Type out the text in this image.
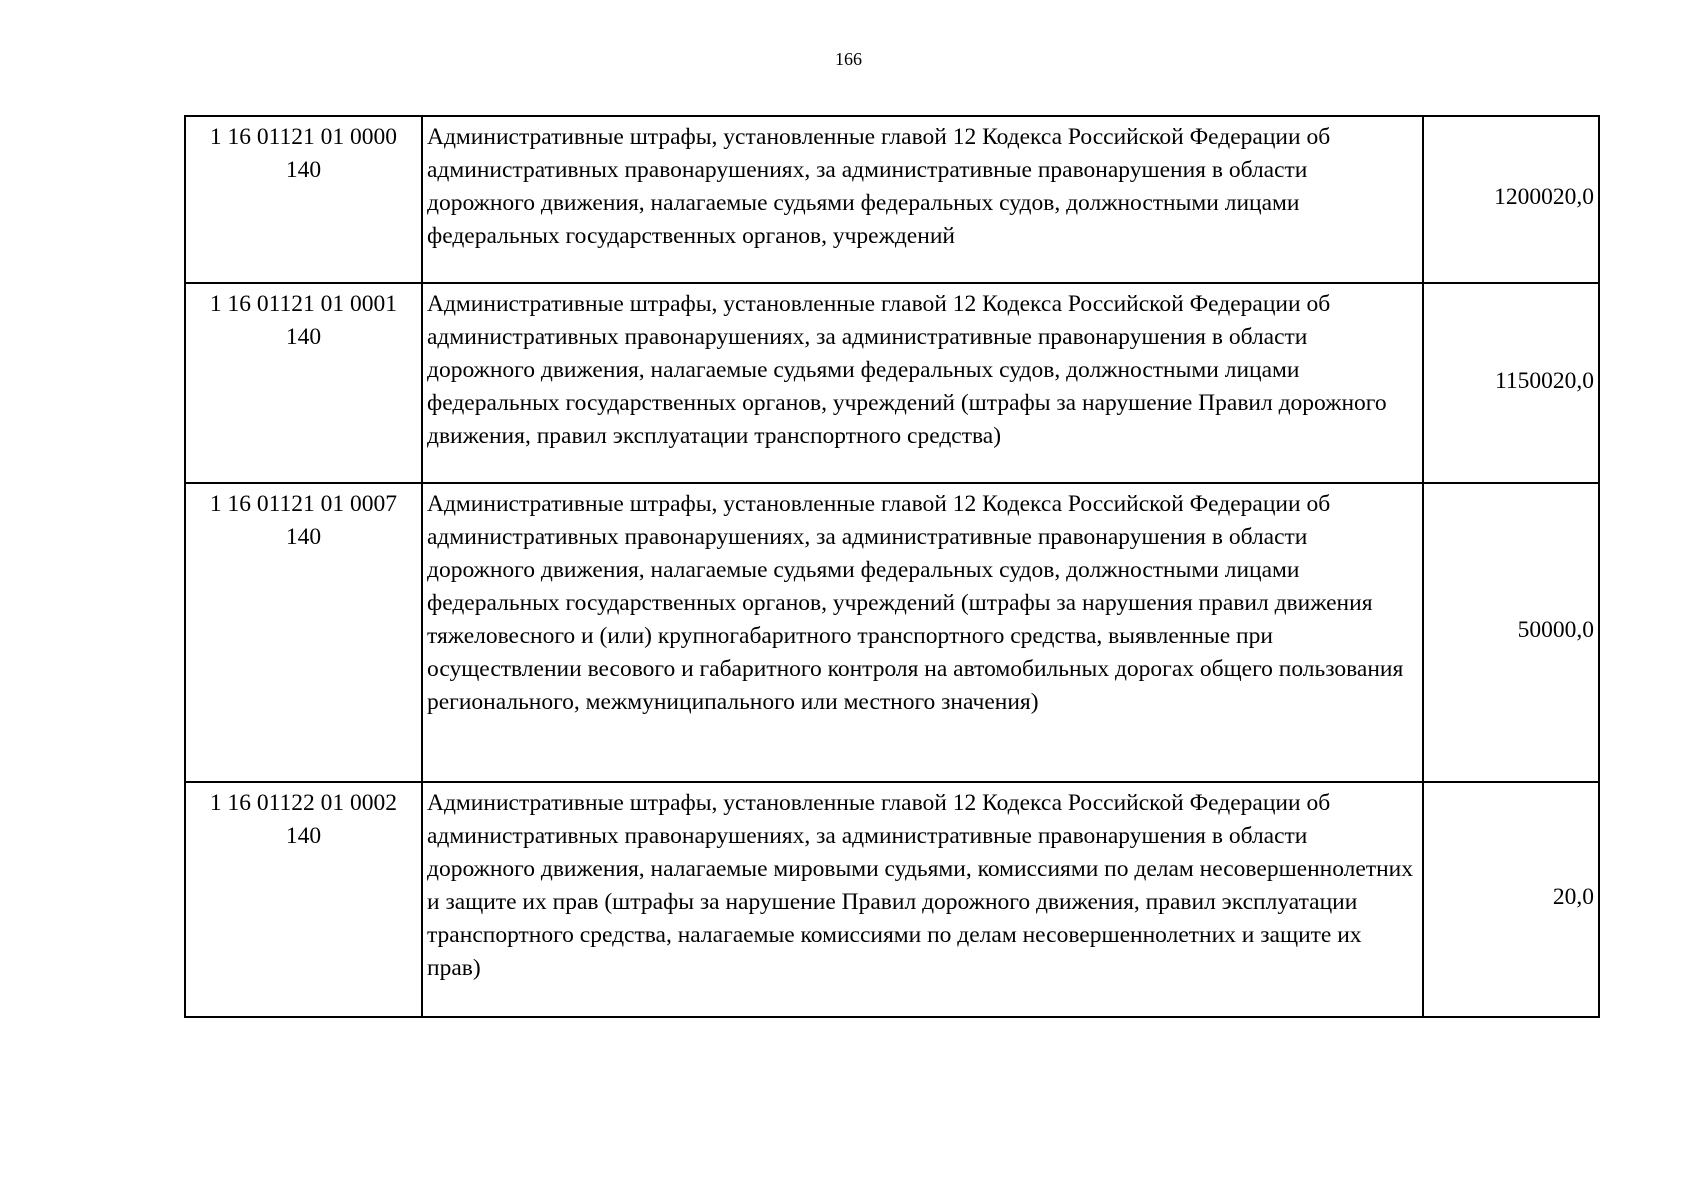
166
1 16 01121 01 0000
140	Административные штрафы, установленные главой 12 Кодекса Российской Федерации об административных правонарушениях, за административные правонарушения в области дорожного движения, налагаемые судьями федеральных судов, должностными лицами федеральных государственных органов, учреждений	1200020,0

1 16 01121 01 0001
140	Административные штрафы, установленные главой 12 Кодекса Российской Федерации об административных правонарушениях, за административные правонарушения в области дорожного движения, налагаемые судьями федеральных судов, должностными лицами федеральных государственных органов, учреждений (штрафы за нарушение Правил дорожного движения, правил эксплуатации транспортного средства)	1150020,0

1 16 01121 01 0007
140	Административные штрафы, установленные главой 12 Кодекса Российской Федерации об административных правонарушениях, за административные правонарушения в области дорожного движения, налагаемые судьями федеральных судов, должностными лицами федеральных государственных органов, учреждений (штрафы за нарушения правил движения тяжеловесного и (или) крупногабаритного транспортного средства, выявленные при осуществлении весового и габаритного контроля на автомобильных дорогах общего пользования регионального, межмуниципального или местного значения)	50000,0

1 16 01122 01 0002
140	Административные штрафы, установленные главой 12 Кодекса Российской Федерации об административных правонарушениях, за административные правонарушения в области дорожного движения, налагаемые мировыми судьями, комиссиями по делам несовершеннолетних и защите их прав (штрафы за нарушение Правил дорожного движения, правил эксплуатации транспортного средства, налагаемые комиссиями по делам несовершеннолетних и защите их прав)	20,0
